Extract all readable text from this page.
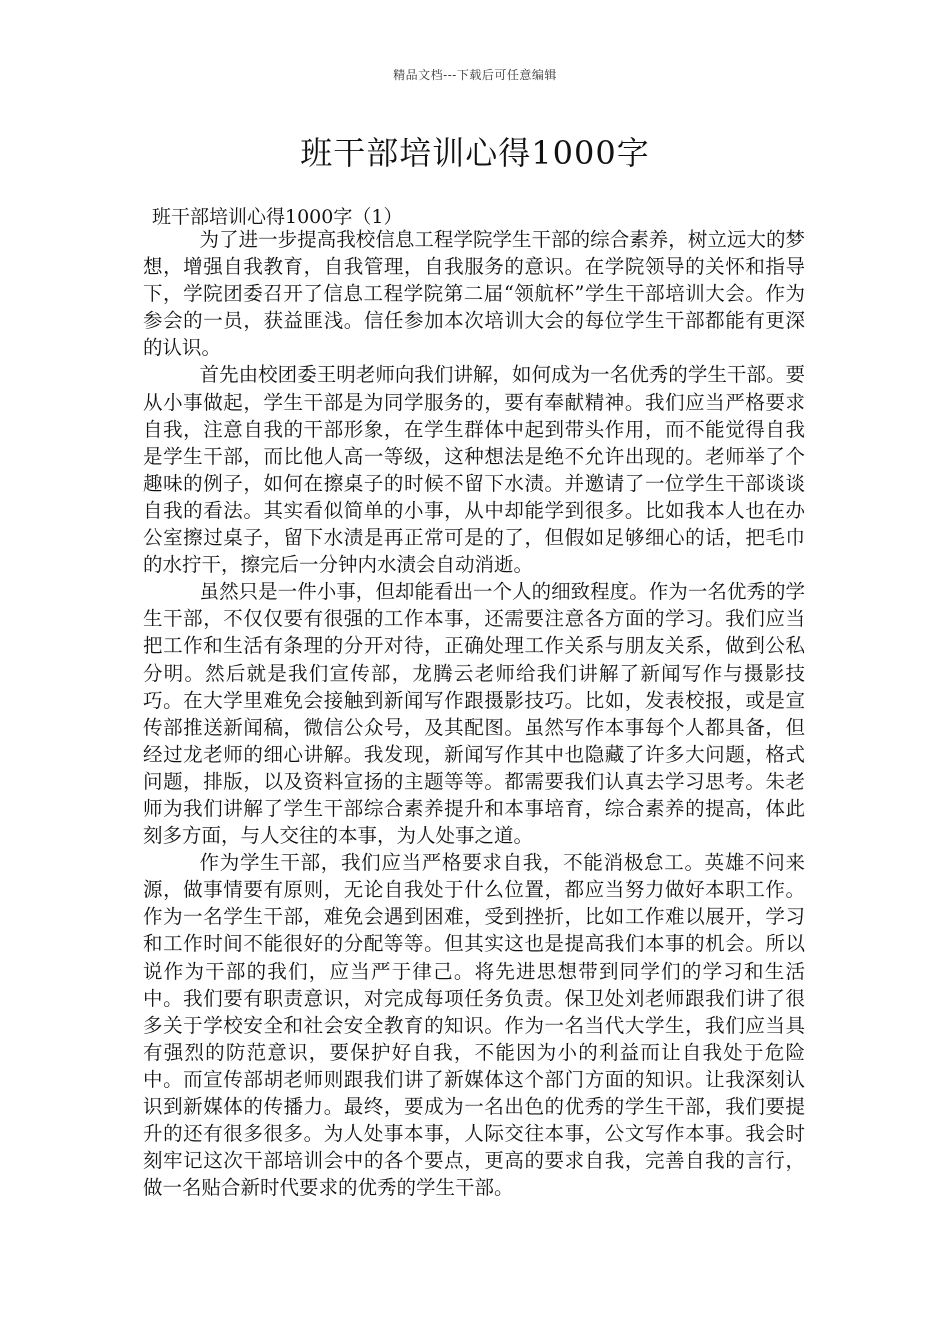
精品文档---下载后可任意编辑
班干部培训心得1000字
班干部培训心得1000字（1）

为了进一步提高我校信息工程学院学生干部的综合素养，树立远大的梦想，增强自我教育，自我管理，自我服务的意识。在学院领导的关怀和指导下，学院团委召开了信息工程学院第二届“领航杯”学生干部培训大会。作为参会的一员，获益匪浅。信任参加本次培训大会的每位学生干部都能有更深的认识。

首先由校团委王明老师向我们讲解，如何成为一名优秀的学生干部。要从小事做起，学生干部是为同学服务的，要有奉献精神。我们应当严格要求自我，注意自我的干部形象，在学生群体中起到带头作用，而不能觉得自我是学生干部，而比他人高一等级，这种想法是绝不允许出现的。老师举了个趣味的例子，如何在擦桌子的时候不留下水渍。并邀请了一位学生干部谈谈自我的看法。其实看似简单的小事，从中却能学到很多。比如我本人也在办公室擦过桌子，留下水渍是再正常可是的了，但假如足够细心的话，把毛巾的水拧干，擦完后一分钟内水渍会自动消逝。

虽然只是一件小事，但却能看出一个人的细致程度。作为一名优秀的学生干部，不仅仅要有很强的工作本事，还需要注意各方面的学习。我们应当把工作和生活有条理的分开对待，正确处理工作关系与朋友关系，做到公私分明。然后就是我们宣传部，龙腾云老师给我们讲解了新闻写作与摄影技巧。在大学里难免会接触到新闻写作跟摄影技巧。比如，发表校报，或是宣传部推送新闻稿，微信公众号，及其配图。虽然写作本事每个人都具备，但经过龙老师的细心讲解。我发现，新闻写作其中也隐藏了许多大问题，格式问题，排版，以及资料宣扬的主题等等。都需要我们认真去学习思考。朱老师为我们讲解了学生干部综合素养提升和本事培育，综合素养的提高，体此刻多方面，与人交往的本事，为人处事之道。

作为学生干部，我们应当严格要求自我，不能消极怠工。英雄不问来源，做事情要有原则，无论自我处于什么位置，都应当努力做好本职工作。作为一名学生干部，难免会遇到困难，受到挫折，比如工作难以展开，学习和工作时间不能很好的分配等等。但其实这也是提高我们本事的机会。所以说作为干部的我们，应当严于律己。将先进思想带到同学们的学习和生活中。我们要有职责意识，对完成每项任务负责。保卫处刘老师跟我们讲了很多关于学校安全和社会安全教育的知识。作为一名当代大学生，我们应当具有强烈的防范意识，要保护好自我，不能因为小的利益而让自我处于危险中。而宣传部胡老师则跟我们讲了新媒体这个部门方面的知识。让我深刻认识到新媒体的传播力。最终，要成为一名出色的优秀的学生干部，我们要提升的还有很多很多。为人处事本事，人际交往本事，公文写作本事。我会时刻牢记这次干部培训会中的各个要点，更高的要求自我，完善自我的言行，做一名贴合新时代要求的优秀的学生干部。
